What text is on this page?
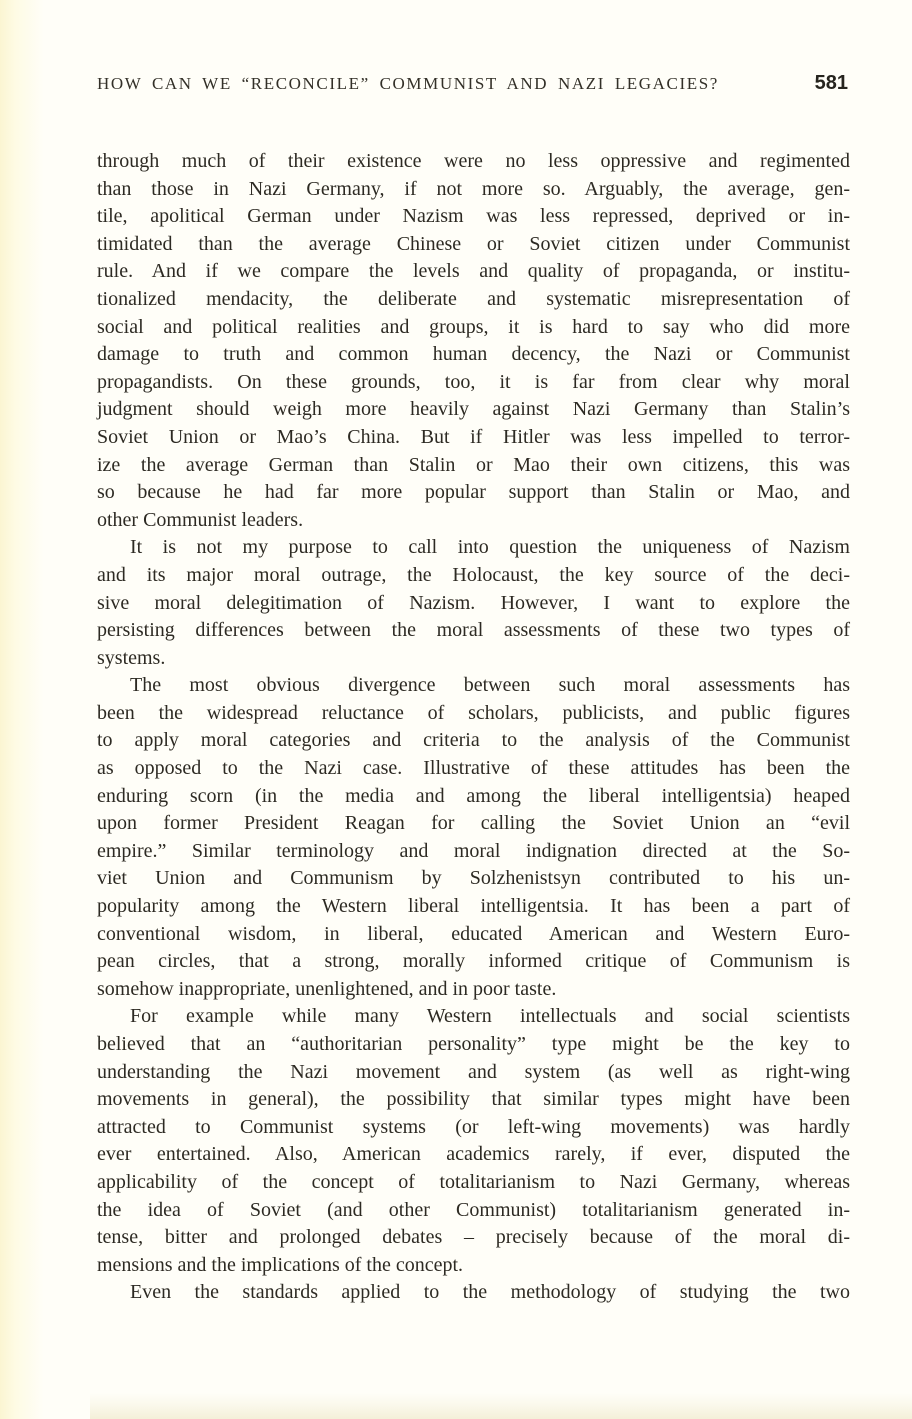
HOW CAN WE “RECONCILE” COMMUNIST AND NAZI LEGACIES?	581
through much of their existence were no less oppressive and regimented
than those in Nazi Germany, if not more so. Arguably, the average, gen-
tile, apolitical German under Nazism was less repressed, deprived or in-
timidated than the average Chinese or Soviet citizen under Communist
rule. And if we compare the levels and quality of propaganda, or institu-
tionalized mendacity, the deliberate and systematic misrepresentation of
social and political realities and groups, it is hard to say who did more
damage to truth and common human decency, the Nazi or Communist
propagandists. On these grounds, too, it is far from clear why moral
judgment should weigh more heavily against Nazi Germany than Stalin’s
Soviet Union or Mao’s China. But if Hitler was less impelled to terror-
ize the average German than Stalin or Mao their own citizens, this was
so because he had far more popular support than Stalin or Mao, and
other Communist leaders.
It is not my purpose to call into question the uniqueness of Nazism
and its major moral outrage, the Holocaust, the key source of the deci-
sive moral delegitimation of Nazism. However, I want to explore the
persisting differences between the moral assessments of these two types of
systems.
The most obvious divergence between such moral assessments has
been the widespread reluctance of scholars, publicists, and public figures
to apply moral categories and criteria to the analysis of the Communist
as opposed to the Nazi case. Illustrative of these attitudes has been the
enduring scorn (in the media and among the liberal intelligentsia) heaped
upon former President Reagan for calling the Soviet Union an “evil
empire.” Similar terminology and moral indignation directed at the So-
viet Union and Communism by Solzhenistsyn contributed to his un-
popularity among the Western liberal intelligentsia. It has been a part of
conventional wisdom, in liberal, educated American and Western Euro-
pean circles, that a strong, morally informed critique of Communism is
somehow inappropriate, unenlightened, and in poor taste.
For example while many Western intellectuals and social scientists
believed that an “authoritarian personality” type might be the key to
understanding the Nazi movement and system (as well as right-wing
movements in general), the possibility that similar types might have been
attracted to Communist systems (or left-wing movements) was hardly
ever entertained. Also, American academics rarely, if ever, disputed the
applicability of the concept of totalitarianism to Nazi Germany, whereas
the idea of Soviet (and other Communist) totalitarianism generated in-
tense, bitter and prolonged debates – precisely because of the moral di-
mensions and the implications of the concept.
Even the standards applied to the methodology of studying the two
